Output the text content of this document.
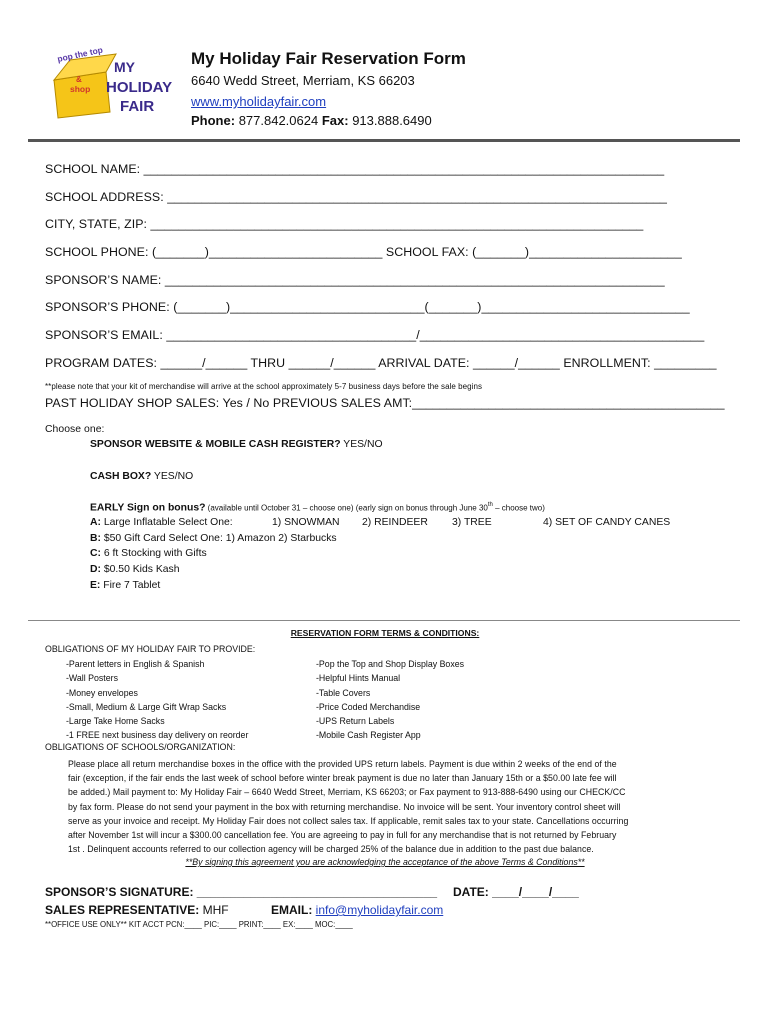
pop the top
&
shop
MY
HOLIDAY
FAIR
My Holiday Fair Reservation Form
6640 Wedd Street, Merriam, KS 66203
www.myholidayfair.com
Phone: 877.842.0624 Fax: 913.888.6490
SCHOOL NAME: ___________________________________________________________________________
SCHOOL ADDRESS: ________________________________________________________________________
CITY, STATE, ZIP: _______________________________________________________________________
SCHOOL PHONE: (_______)_________________________ SCHOOL FAX: (_______)______________________
SPONSOR’S NAME: ________________________________________________________________________
SPONSOR’S PHONE: (_______)____________________________(_______)______________________________
SPONSOR’S EMAIL: ____________________________________/_________________________________________
PROGRAM DATES: ______/______ THRU ______/______ ARRIVAL DATE: ______/______ ENROLLMENT: _________
**please note that your kit of merchandise will arrive at the school approximately 5-7 business days before the sale begins
PAST HOLIDAY SHOP SALES: Yes / No PREVIOUS SALES AMT:_____________________________________________
Choose one:
SPONSOR WEBSITE & MOBILE CASH REGISTER? YES/NO
CASH BOX? YES/NO
EARLY Sign on bonus? (available until October 31 – choose one) (early sign on bonus through June 30th – choose two)
A: Large Inflatable Select One:	1) SNOWMAN 2) REINDEER 3) TREE	4) SET OF CANDY CANES
B: $50 Gift Card Select One: 1) Amazon 2) Starbucks
C: 6 ft Stocking with Gifts
D: $0.50 Kids Kash
E: Fire 7 Tablet
RESERVATION FORM TERMS & CONDITIONS:
OBLIGATIONS OF MY HOLIDAY FAIR TO PROVIDE:
-Parent letters in English & Spanish
-Wall Posters
-Money envelopes
-Small, Medium & Large Gift Wrap Sacks
-Large Take Home Sacks
-1 FREE next business day delivery on reorder
-Pop the Top and Shop Display Boxes
-Helpful Hints Manual
-Table Covers
-Price Coded Merchandise
-UPS Return Labels
-Mobile Cash Register App
OBLIGATIONS OF SCHOOLS/ORGANIZATION:
Please place all return merchandise boxes in the office with the provided UPS return labels. Payment is due within 2 weeks of the end of the
fair (exception, if the fair ends the last week of school before winter break payment is due no later than January 15th or a $50.00 late fee will
be added.) Mail payment to: My Holiday Fair – 6640 Wedd Street, Merriam, KS 66203; or Fax payment to 913-888-6490 using our CHECK/CC
by fax form. Please do not send your payment in the box with returning merchandise. No invoice will be sent. Your inventory control sheet will
serve as your invoice and receipt. My Holiday Fair does not collect sales tax. If applicable, remit sales tax to your state. Cancellations occurring
after November 1st will incur a $300.00 cancellation fee. You are agreeing to pay in full for any merchandise that is not returned by February
1st . Delinquent accounts referred to our collection agency will be charged 25% of the balance due in addition to the past due balance.
**By signing this agreement you are acknowledging the acceptance of the above Terms & Conditions**
SPONSOR’S SIGNATURE: ____________________________________ DATE: ____/____/____
SALES REPRESENTATIVE: MHF	EMAIL: info@myholidayfair.com
**OFFICE USE ONLY** KIT ACCT PCN:____ PIC:____ PRINT:____ EX:____ MOC:____
